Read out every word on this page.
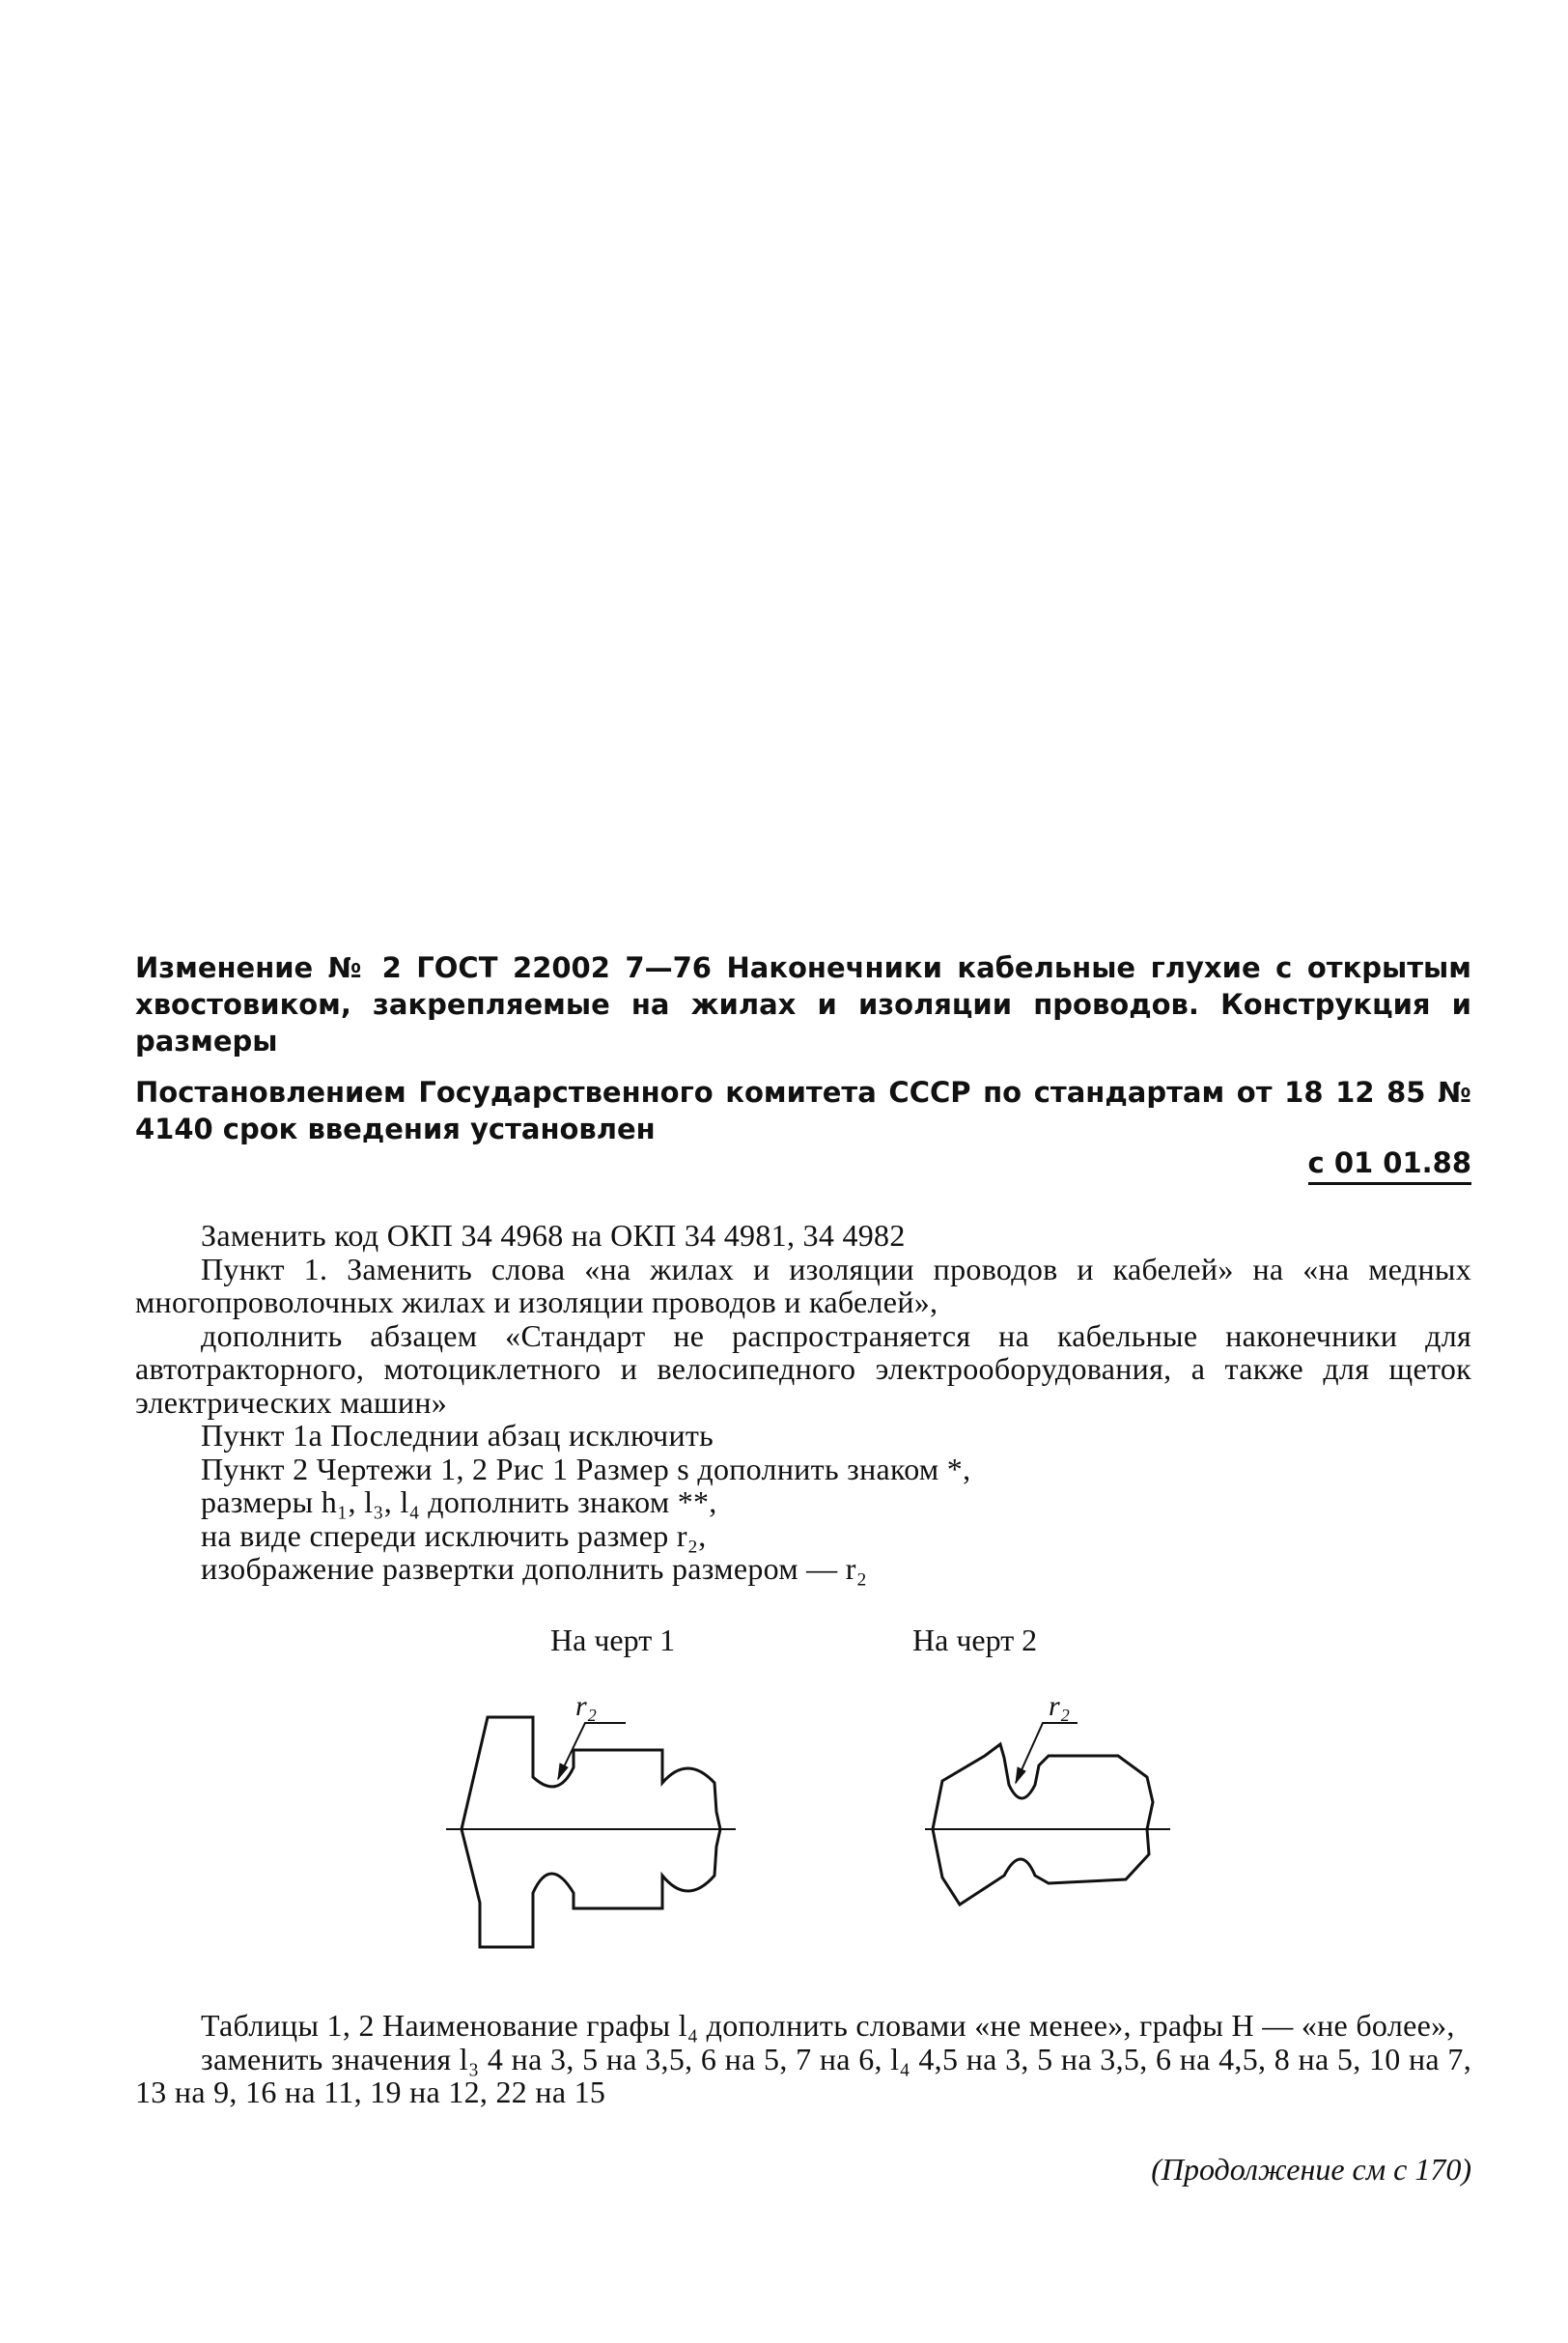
Изменение № 2 ГОСТ 22002 7—76 Наконечники кабельные глухие с открытым хвостовиком, закрепляемые на жилах и изоляции проводов. Конструкция и размеры
Постановлением Государственного комитета СССР по стандартам от 18 12 85 № 4140 срок введения установлен
с 01 01.88

Заменить код ОКП 34 4968 на ОКП 34 4981, 34 4982

Пункт 1. Заменить слова «на жилах и изоляции проводов и кабелей» на «на медных многопроволочных жилах и изоляции проводов и кабелей»,

дополнить абзацем «Стандарт не распространяется на кабельные наконечники для автотракторного, мотоциклетного и велосипедного электрооборудования, а также для щеток электрических машин»

Пункт 1а Последнии абзац исключить

Пункт 2 Чертежи 1, 2 Рис 1 Размер s дополнить знаком *,

размеры h₁, l₃, l₄ дополнить знаком **,

на виде спереди исключить размер r₂,

изображение развертки дополнить размером — r₂

На черт 1	На черт 2
r₂	r₂

Таблицы 1, 2 Наименование графы l₄ дополнить словами «не менее», графы H — «не более»,

заменить значения l₃ 4 на 3, 5 на 3,5, 6 на 5, 7 на 6, l₄ 4,5 на 3, 5 на 3,5, 6 на 4,5, 8 на 5, 10 на 7, 13 на 9, 16 на 11, 19 на 12, 22 на 15

(Продолжение см с 170)
